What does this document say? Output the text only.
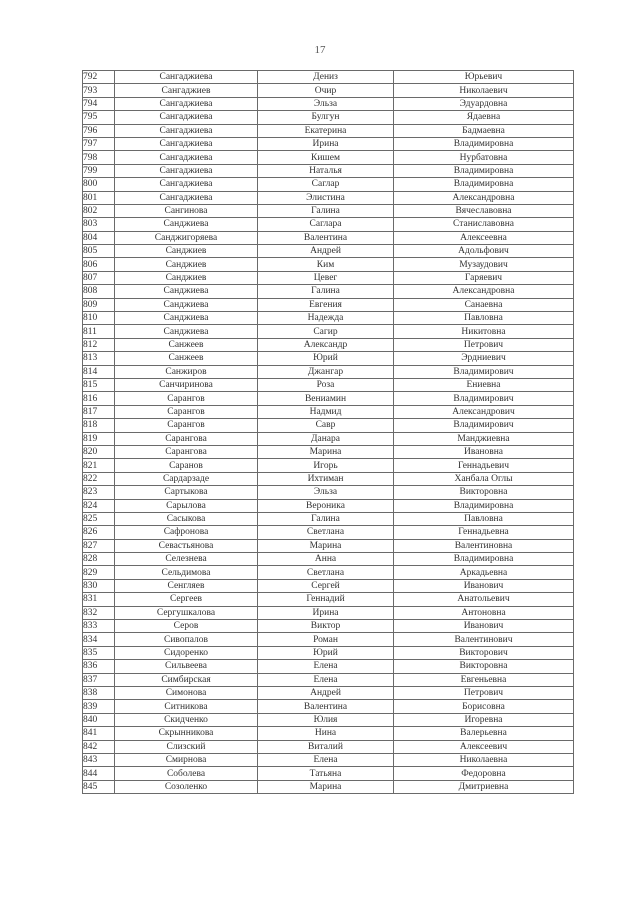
17
792	Сангаджиева	Дениз	Юрьевич
793	Сангаджиев	Очир	Николаевич
794	Сангаджиева	Эльза	Эдуардовна
795	Сангаджиева	Булгун	Ядаевна
796	Сангаджиева	Екатерина	Бадмаевна
797	Сангаджиева	Ирина	Владимировна
798	Сангаджиева	Кишем	Нурбатовна
799	Сангаджиева	Наталья	Владимировна
800	Сангаджиева	Саглар	Владимировна
801	Сангаджиева	Элистина	Александровна
802	Сангинова	Галина	Вячеславовна
803	Санджиева	Саглара	Станиславовна
804	Санджигоряева	Валентина	Алексеевна
805	Санджиев	Андрей	Адольфович
806	Санджиев	Ким	Музаудович
807	Санджиев	Цевег	Гаряевич
808	Санджиева	Галина	Александровна
809	Санджиева	Евгения	Санаевна
810	Санджиева	Надежда	Павловна
811	Санджиева	Сагир	Никитовна
812	Санжеев	Александр	Петрович
813	Санжеев	Юрий	Эрдниевич
814	Санжиров	Джангар	Владимирович
815	Санчиринова	Роза	Ениевна
816	Сарангов	Вениамин	Владимирович
817	Сарангов	Надмид	Александрович
818	Сарангов	Савр	Владимирович
819	Сарангова	Данара	Манджиевна
820	Сарангова	Марина	Ивановна
821	Саранов	Игорь	Геннадьевич
822	Сардарзаде	Ихтиман	Ханбала Оглы
823	Сартыкова	Эльза	Викторовна
824	Сарылова	Вероника	Владимировна
825	Сасыкова	Галина	Павловна
826	Сафронова	Светлана	Геннадьевна
827	Севастьянова	Марина	Валентиновна
828	Селезнева	Анна	Владимировна
829	Сельдимова	Светлана	Аркадьевна
830	Сенгляев	Сергей	Иванович
831	Сергеев	Геннадий	Анатольевич
832	Сергушкалова	Ирина	Антоновна
833	Серов	Виктор	Иванович
834	Сивопалов	Роман	Валентинович
835	Сидоренко	Юрий	Викторович
836	Сильвеева	Елена	Викторовна
837	Симбирская	Елена	Евгеньевна
838	Симонова	Андрей	Петрович
839	Ситникова	Валентина	Борисовна
840	Скидченко	Юлия	Игоревна
841	Скрынникова	Нина	Валерьевна
842	Слизский	Виталий	Алексеевич
843	Смирнова	Елена	Николаевна
844	Соболева	Татьяна	Федоровна
845	Созоленко	Марина	Дмитриевна
